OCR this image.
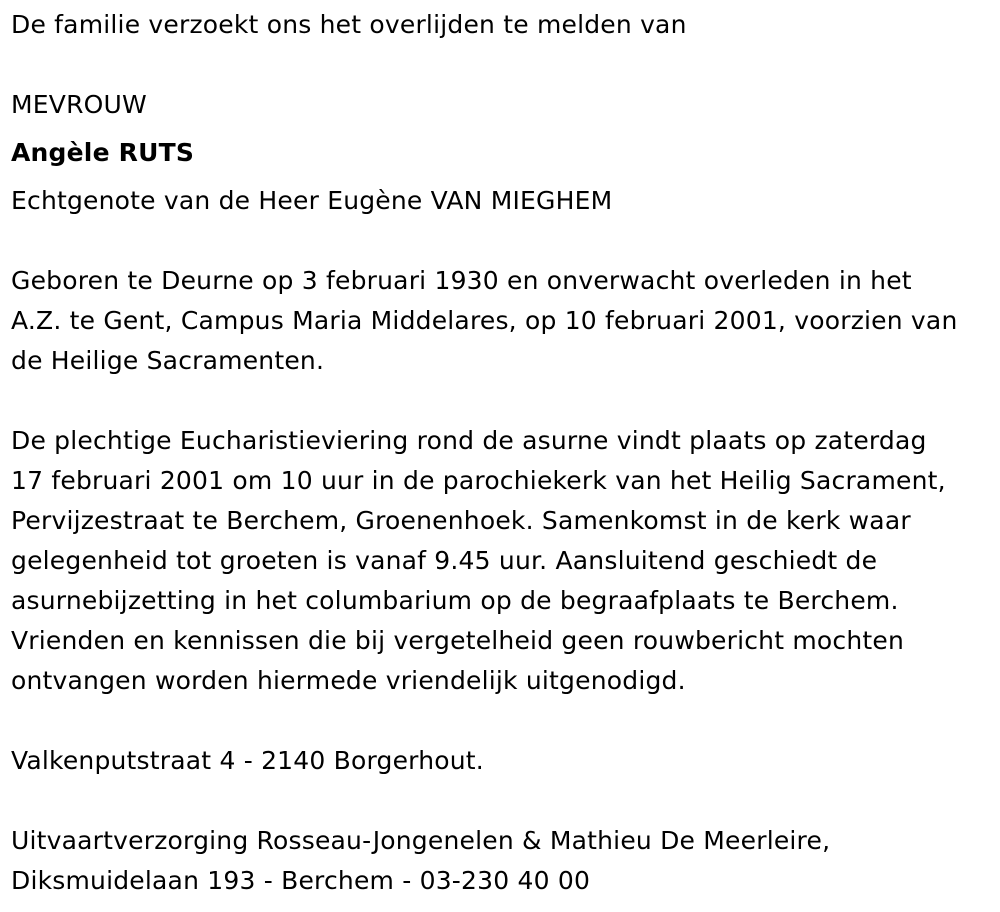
De familie verzoekt ons het overlijden te melden van
MEVROUW
Angèle RUTS
Echtgenote van de Heer Eugène VAN MIEGHEM
Geboren te Deurne op 3 februari 1930 en onverwacht overleden in het
A.Z. te Gent, Campus Maria Middelares, op 10 februari 2001, voorzien van
de Heilige Sacramenten.
De plechtige Eucharistieviering rond de asurne vindt plaats op zaterdag
17 februari 2001 om 10 uur in de parochiekerk van het Heilig Sacrament,
Pervijzestraat te Berchem, Groenenhoek. Samenkomst in de kerk waar
gelegenheid tot groeten is vanaf 9.45 uur. Aansluitend geschiedt de
asurnebijzetting in het columbarium op de begraafplaats te Berchem.
Vrienden en kennissen die bij vergetelheid geen rouwbericht mochten
ontvangen worden hiermede vriendelijk uitgenodigd.
Valkenputstraat 4 - 2140 Borgerhout.
Uitvaartverzorging Rosseau-Jongenelen & Mathieu De Meerleire,
Diksmuidelaan 193 - Berchem - 03-230 40 00
